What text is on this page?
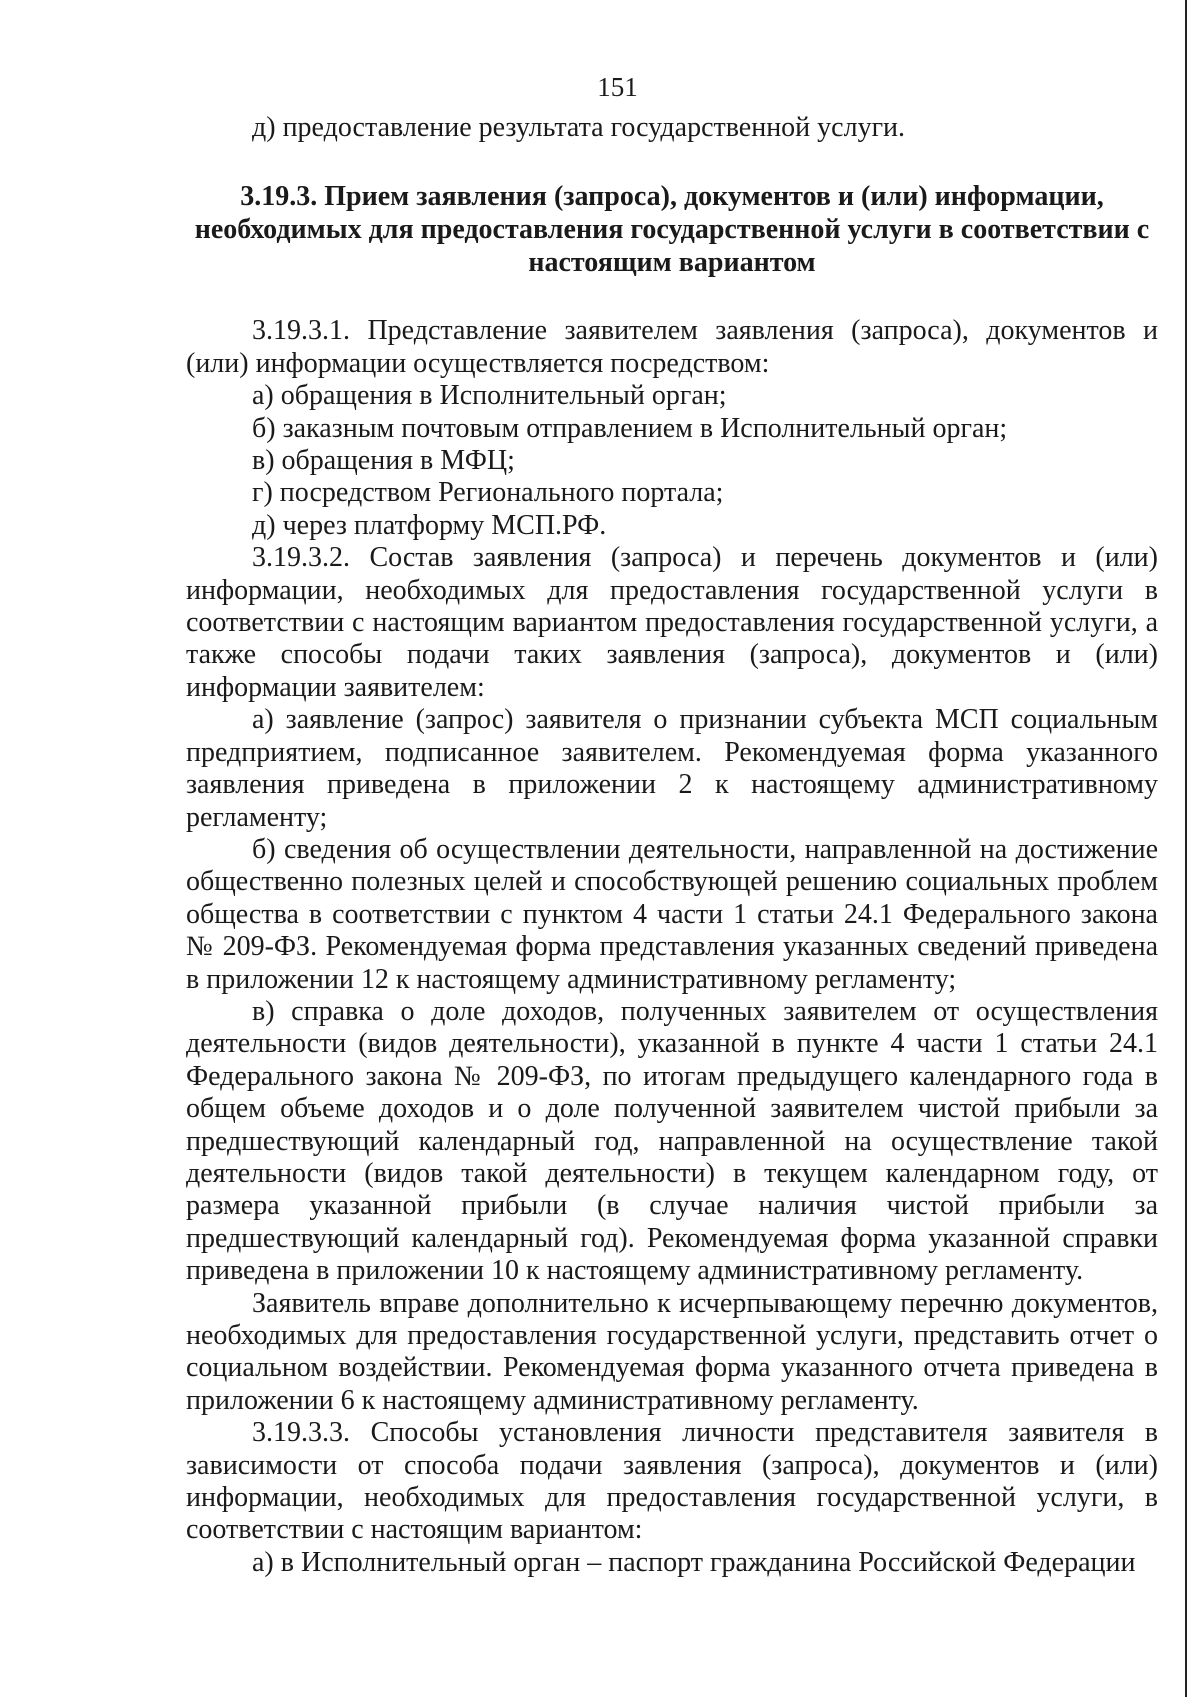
151

д) предоставление результата государственной услуги.

3.19.3. Прием заявления (запроса), документов и (или) информации, необходимых для предоставления государственной услуги в соответствии с настоящим вариантом

3.19.3.1. Представление заявителем заявления (запроса), документов и (или) информации осуществляется посредством:

а) обращения в Исполнительный орган;

б) заказным почтовым отправлением в Исполнительный орган;

в) обращения в МФЦ;

г) посредством Регионального портала;

д) через платформу МСП.РФ.

3.19.3.2. Состав заявления (запроса) и перечень документов и (или) информации, необходимых для предоставления государственной услуги в соответствии с настоящим вариантом предоставления государственной услуги, а также способы подачи таких заявления (запроса), документов и (или) информации заявителем:

а) заявление (запрос) заявителя о признании субъекта МСП социальным предприятием, подписанное заявителем. Рекомендуемая форма указанного заявления приведена в приложении 2 к настоящему административному регламенту;

б) сведения об осуществлении деятельности, направленной на достижение общественно полезных целей и способствующей решению социальных проблем общества в соответствии с пунктом 4 части 1 статьи 24.1 Федерального закона № 209-ФЗ. Рекомендуемая форма представления указанных сведений приведена в приложении 12 к настоящему административному регламенту;

в) справка о доле доходов, полученных заявителем от осуществления деятельности (видов деятельности), указанной в пункте 4 части 1 статьи 24.1 Федерального закона № 209-ФЗ, по итогам предыдущего календарного года в общем объеме доходов и о доле полученной заявителем чистой прибыли за предшествующий календарный год, направленной на осуществление такой деятельности (видов такой деятельности) в текущем календарном году, от размера указанной прибыли (в случае наличия чистой прибыли за предшествующий календарный год). Рекомендуемая форма указанной справки приведена в приложении 10 к настоящему административному регламенту.

Заявитель вправе дополнительно к исчерпывающему перечню документов, необходимых для предоставления государственной услуги, представить отчет о социальном воздействии. Рекомендуемая форма указанного отчета приведена в приложении 6 к настоящему административному регламенту.

3.19.3.3. Способы установления личности представителя заявителя в зависимости от способа подачи заявления (запроса), документов и (или) информации, необходимых для предоставления государственной услуги, в соответствии с настоящим вариантом:

а) в Исполнительный орган – паспорт гражданина Российской Федерации
